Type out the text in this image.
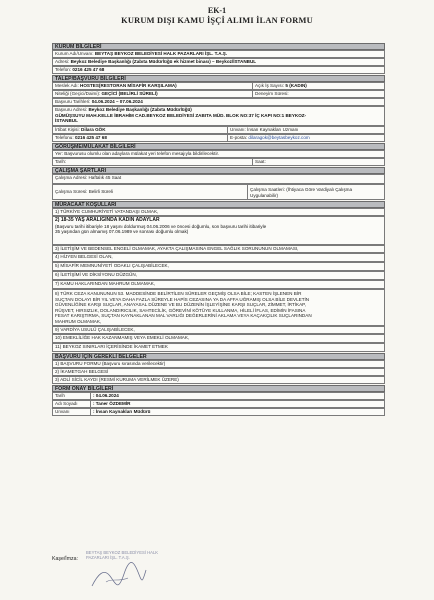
EK-1
KURUM DIŞI KAMU İŞÇİ ALIMI İLAN FORMU
KURUM BİLGİLERİ
Kurum Adı/Unvanı: BEYTAŞ BEYKOZ BELEDİYESİ HALK PAZARLARI İŞL. T.A.Ş.
Adresi: Beykoz Belediye Başkanlığı (Zabıta Müdürlüğü ek hizmet binası) – Beykoz/İSTANBUL
Telefon: 0216 425 47 68
TALEP/BAŞVURU BİLGİLERİ
Meslek Adı: HOSTES(RESTORAN MİSAFİR KARŞILAMA)	Açık İş Sayısı: 5 (KADIN)
Niteliği (Geçici/Daimi): GEÇİCİ (BELİRLİ SÜRELİ)	Deneyim Süresi:
Başvuru Tarihleri: 04.06.2024 – 07.06.2024
Başvuru Adresi: Beykoz Belediye Başkanlığı (Zabıta Müdürlüğü)
GÜMÜŞSUYU MAH.KELLE İBRAHİM CAD.BEYKOZ BELEDİYESİ ZABITA MÜD. BLOK NO:37 İÇ KAPI NO:1 BEYKOZ-
İSTANBUL
İrtibat Kişisi: Dilara GÖK	Unvanı: İnsan Kaynakları Uzmanı
Telefonu: 0216 425 47 68	E-posta: dilaragok@beytasbeykoz.com
GÖRÜŞME/MÜLAKAT BİLGİLERİ
Yer: Başvurusu olumlu olan adaylara mülakat yeri telefon mesajıyla bildirilecektir.
Tarih:	Saat:
ÇALIŞMA ŞARTLARI
Çalışma Adresi: Haftalık 45 Saat
Çalışma Süresi: Belirli Süreli	Çalışma Saatleri: (İhtiyaca Göre Vardiyalı Çalışma
Uygulanabilir)
MÜRACAAT KOŞULLARI
1) TÜRKİYE CUMHURİYETİ VATANDAŞI OLMAK,
2) 18-35 YAŞ ARALIĞINDA KADIN ADAYLAR
(Başvuru tarihi itibariyle 18 yaşını doldurmuş 04.06.2006 ve öncesi doğumlu, son başvuru tarihi itibariyle
35 yaşından gün almamış 07.06.1989 ve sonrası doğumlu olmak)
3) İLETİŞİM VE BEDENSEL ENGELİ OLMAMAK, AYAKTA ÇALIŞMASINA ENGEL SAĞLIK SORUNUNUN OLMAMASI,
4) HİJYEN BELGESİ OLAN,
5) MİSAFİR MEMNUNİYETİ ODAKLI ÇALIŞABİLECEK,
6) İLETİŞİMİ VE DİKSİYONU DÜZGÜN,
7) KAMU HAKLARINDAN MAHRUM OLMAMAK,
8) TÜRK CEZA KANUNUNUN 53. MADDESİNDE BELİRTİLEN SÜRELER GEÇMİŞ OLSA BİLE; KASTEN İŞLENEN BİR
SUÇTAN DOLAYI BİR YIL VEYA DAHA FAZLA SÜREYLE HAPİS CEZASINA YA DA AFFA UĞRAMIŞ OLSA BİLE DEVLETİN
GÜVENLİĞİNE KARŞI SUÇLAR, ANAYASAL DÜZENE VE BU DÜZENİN İŞLEYİŞİNE KARŞI SUÇLAR, ZİMMET, İRTİKAP,
RÜŞVET, HIRSIZLIK, DOLANDIRICILIK, SAHTECİLİK, GÖREVİNİ KÖTÜYE KULLANMA, HİLELİ İFLAS, EDİMİN İFASINA
FESAT KARIŞTIRMA, SUÇTAN KAYNAKLANAN MAL VARLIĞI DEĞERLERİNİ AKLAMA VEYA KAÇAKÇILIK SUÇLARINDAN
MAHRUM OLMAMAK,
9) VARDİYA USULÜ ÇALIŞABİLECEK,
10) EMEKLİLİĞE HAK KAZANMAMIŞ VEYA EMEKLİ OLMAMAK,
11) BEYKOZ SINIRLARI İÇERİSİNDE İKAMET ETMEK
BAŞVURU İÇİN GEREKLİ BELGELER
1) BAŞVURU FORMU (Başvuru sırasında verilecektir)
2) İKAMETGAH BELGESİ
3) ADLİ SİCİL KAYDI (RESMİ KURUMA VERİLMEK ÜZERE)
FORM ONAY BİLGİLERİ
Tarih	: 04.06.2024
Adı Soyadı	: Taner ÖZDEMİR
Unvanı	: İnsan Kaynakları Müdürü
Kaşe/İmza:
BEYTAŞ BEYKOZ BELEDİYESİ HALK
PAZARLARI İŞL. T.A.Ş.
